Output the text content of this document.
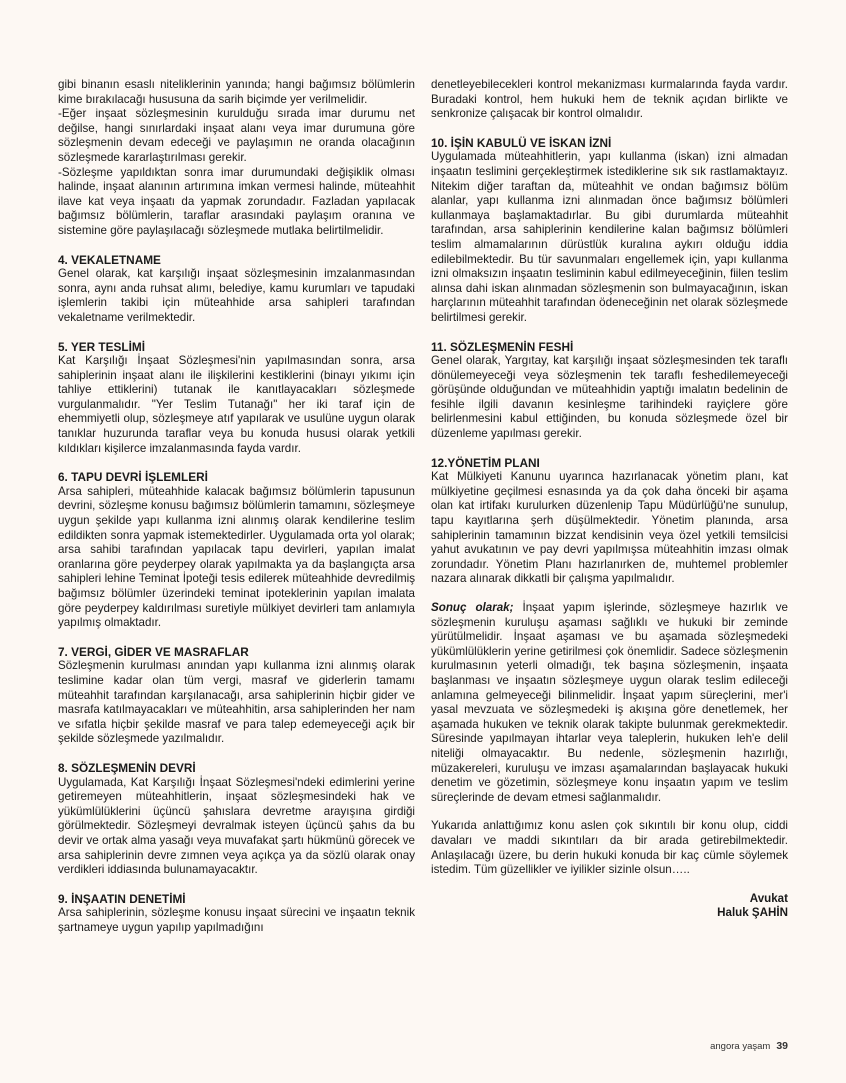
gibi binanın esaslı niteliklerinin yanında; hangi bağımsız bölümlerin kime bırakılacağı hususuna da sarih biçimde yer verilmelidir.

-Eğer inşaat sözleşmesinin kurulduğu sırada imar durumu net değilse, hangi sınırlardaki inşaat alanı veya imar durumuna göre sözleşmenin devam edeceği ve paylaşımın ne oranda olacağının sözleşmede kararlaştırılması gerekir.

-Sözleşme yapıldıktan sonra imar durumundaki değişiklik olması halinde, inşaat alanının artırımına imkan vermesi halinde, müteahhit ilave kat veya inşaatı da yapmak zorundadır. Fazladan yapılacak bağımsız bölümlerin, taraflar arasındaki paylaşım oranına ve sistemine göre paylaşılacağı sözleşmede mutlaka belirtilmelidir.

4. VEKALETNAME

Genel olarak, kat karşılığı inşaat sözleşmesinin imzalanmasından sonra, aynı anda ruhsat alımı, belediye, kamu kurumları ve tapudaki işlemlerin takibi için müteahhide arsa sahipleri tarafından vekaletname verilmektedir.

5. YER TESLİMİ

Kat Karşılığı İnşaat Sözleşmesi'nin yapılmasından sonra, arsa sahiplerinin inşaat alanı ile ilişkilerini kestiklerini (binayı yıkımı için tahliye ettiklerini) tutanak ile kanıtlayacakları sözleşmede vurgulanmalıdır. "Yer Teslim Tutanağı" her iki taraf için de ehemmiyetli olup, sözleşmeye atıf yapılarak ve usulüne uygun olarak tanıklar huzurunda taraflar veya bu konuda hususi olarak yetkili kıldıkları kişilerce imzalanmasında fayda vardır.

6. TAPU DEVRİ İŞLEMLERİ

Arsa sahipleri, müteahhide kalacak bağımsız bölümlerin tapusunun devrini, sözleşme konusu bağımsız bölümlerin tamamını, sözleşmeye uygun şekilde yapı kullanma izni alınmış olarak kendilerine teslim edildikten sonra yapmak istemektedirler. Uygulamada orta yol olarak; arsa sahibi tarafından yapılacak tapu devirleri, yapılan imalat oranlarına göre peyderpey olarak yapılmakta ya da başlangıçta arsa sahipleri lehine Teminat İpoteği tesis edilerek müteahhide devredilmiş bağımsız bölümler üzerindeki teminat ipoteklerinin yapılan imalata göre peyderpey kaldırılması suretiyle mülkiyet devirleri tam anlamıyla yapılmış olmaktadır.

7. VERGİ, GİDER VE MASRAFLAR

Sözleşmenin kurulması anından yapı kullanma izni alınmış olarak teslimine kadar olan tüm vergi, masraf ve giderlerin tamamı müteahhit tarafından karşılanacağı, arsa sahiplerinin hiçbir gider ve masrafa katılmayacakları ve müteahhitin, arsa sahiplerinden her nam ve sıfatla hiçbir şekilde masraf ve para talep edemeyeceği açık bir şekilde sözleşmede yazılmalıdır.

8. SÖZLEŞMENİN DEVRİ

Uygulamada, Kat Karşılığı İnşaat Sözleşmesi'ndeki edimlerini yerine getiremeyen müteahhitlerin, inşaat sözleşmesindeki hak ve yükümlülüklerini üçüncü şahıslara devretme arayışına girdiği görülmektedir. Sözleşmeyi devralmak isteyen üçüncü şahıs da bu devir ve ortak alma yasağı veya muvafakat şartı hükmünü görecek ve arsa sahiplerinin devre zımnen veya açıkça ya da sözlü olarak onay verdikleri iddiasında bulunamayacaktır.

9. İNŞAATIN DENETİMİ

Arsa sahiplerinin, sözleşme konusu inşaat sürecini ve inşaatın teknik şartnameye uygun yapılıp yapılmadığını

denetleyebilecekleri kontrol mekanizması kurmalarında fayda vardır. Buradaki kontrol, hem hukuki hem de teknik açıdan birlikte ve senkronize çalışacak bir kontrol olmalıdır.

10. İŞİN KABULÜ VE İSKAN İZNİ

Uygulamada müteahhitlerin, yapı kullanma (iskan) izni almadan inşaatın teslimini gerçekleştirmek istediklerine sık sık rastlamaktayız. Nitekim diğer taraftan da, müteahhit ve ondan bağımsız bölüm alanlar, yapı kullanma izni alınmadan önce bağımsız bölümleri kullanmaya başlamaktadırlar. Bu gibi durumlarda müteahhit tarafından, arsa sahiplerinin kendilerine kalan bağımsız bölümleri teslim almamalarının dürüstlük kuralına aykırı olduğu iddia edilebilmektedir. Bu tür savunmaları engellemek için, yapı kullanma izni olmaksızın inşaatın tesliminin kabul edilmeyeceğinin, fiilen teslim alınsa dahi iskan alınmadan sözleşmenin son bulmayacağının, iskan harçlarının müteahhit tarafından ödeneceğinin net olarak sözleşmede belirtilmesi gerekir.

11. SÖZLEŞMENİN FESHİ

Genel olarak, Yargıtay, kat karşılığı inşaat sözleşmesinden tek taraflı dönülemeyeceği veya sözleşmenin tek taraflı feshedilemeyeceği görüşünde olduğundan ve müteahhidin yaptığı imalatın bedelinin de fesihle ilgili davanın kesinleşme tarihindeki rayiçlere göre belirlenmesini kabul ettiğinden, bu konuda sözleşmede özel bir düzenleme yapılması gerekir.

12.YÖNETİM PLANI

Kat Mülkiyeti Kanunu uyarınca hazırlanacak yönetim planı, kat mülkiyetine geçilmesi esnasında ya da çok daha önceki bir aşama olan kat irtifakı kurulurken düzenlenip Tapu Müdürlüğü'ne sunulup, tapu kayıtlarına şerh düşülmektedir. Yönetim planında, arsa sahiplerinin tamamının bizzat kendisinin veya özel yetkili temsilcisi yahut avukatının ve pay devri yapılmışsa müteahhitin imzası olmak zorundadır. Yönetim Planı hazırlanırken de, muhtemel problemler nazara alınarak dikkatli bir çalışma yapılmalıdır.

Sonuç olarak; İnşaat yapım işlerinde, sözleşmeye hazırlık ve sözleşmenin kuruluşu aşaması sağlıklı ve hukuki bir zeminde yürütülmelidir. İnşaat aşaması ve bu aşamada sözleşmedeki yükümlülüklerin yerine getirilmesi çok önemlidir. Sadece sözleşmenin kurulmasının yeterli olmadığı, tek başına sözleşmenin, inşaata başlanması ve inşaatın sözleşmeye uygun olarak teslim edileceği anlamına gelmeyeceği bilinmelidir. İnşaat yapım süreçlerini, mer'i yasal mevzuata ve sözleşmedeki iş akışına göre denetlemek, her aşamada hukuken ve teknik olarak takipte bulunmak gerekmektedir. Süresinde yapılmayan ihtarlar veya taleplerin, hukuken leh'e delil niteliği olmayacaktır. Bu nedenle, sözleşmenin hazırlığı, müzakereleri, kuruluşu ve imzası aşamalarından başlayacak hukuki denetim ve gözetimin, sözleşmeye konu inşaatın yapım ve teslim süreçlerinde de devam etmesi sağlanmalıdır.

Yukarıda anlattığımız konu aslen çok sıkıntılı bir konu olup, ciddi davaları ve maddi sıkıntıları da bir arada getirebilmektedir. Anlaşılacağı üzere, bu derin hukuki konuda bir kaç cümle söylemek istedim. Tüm güzellikler ve iyilikler sizinle olsun…..

Avukat

Haluk ŞAHİN

angora yaşam 39
